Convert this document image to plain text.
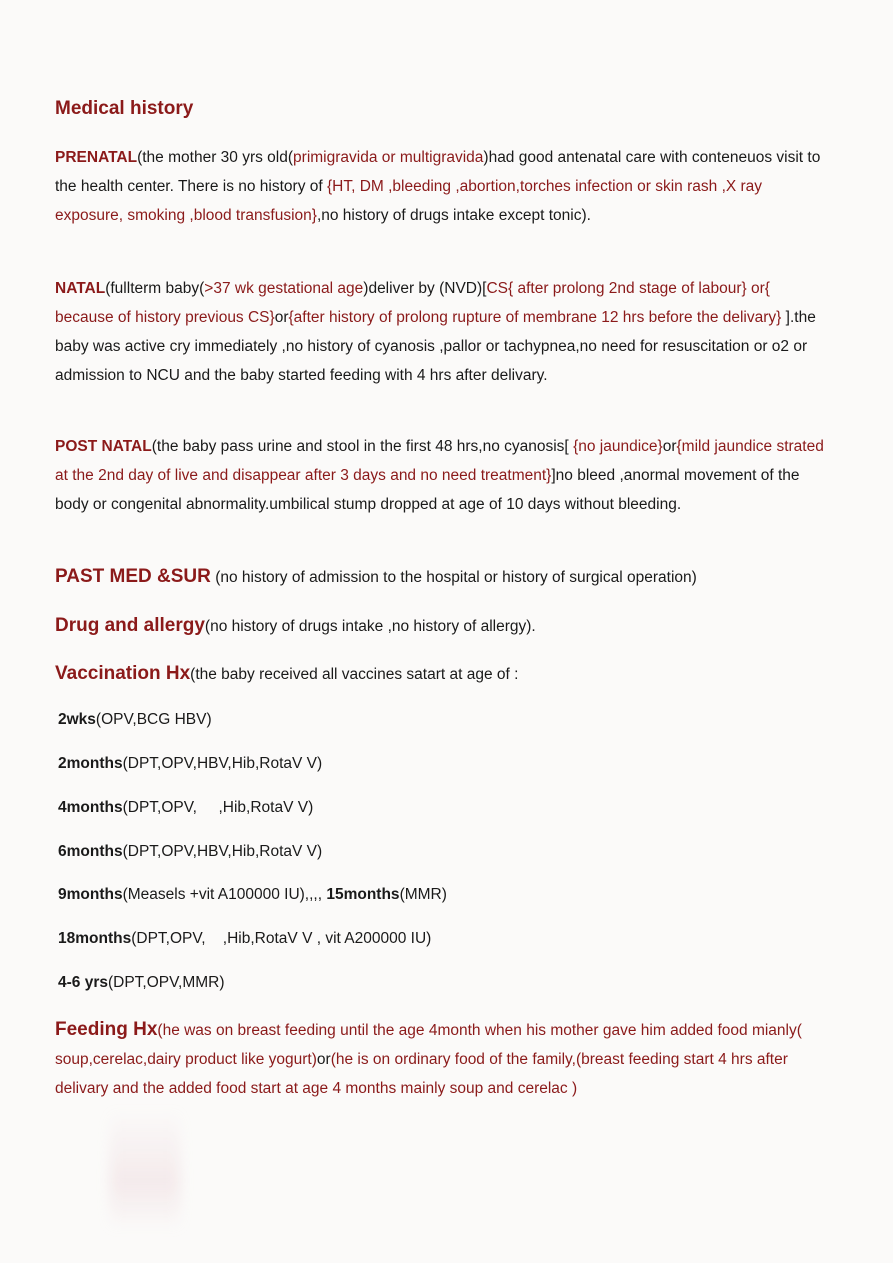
Medical history

PRENATAL(the mother 30 yrs old(primigravida or multigravida)had good antenatal care with conteneuos visit to the health center. There is no history of {HT, DM ,bleeding ,abortion,torches infection or skin rash ,X ray exposure, smoking ,blood transfusion},no history of drugs intake except tonic).

NATAL(fullterm baby(>37 wk gestational age)deliver by (NVD)[CS{ after prolong 2nd stage of labour} or{ because of history previous CS}or{after history of prolong rupture of membrane 12 hrs before the delivary} ].the baby was active cry immediately ,no history of cyanosis ,pallor or tachypnea,no need for resuscitation or o2 or admission to NCU and the baby started feeding with 4 hrs after delivary.

POST NATAL(the baby pass urine and stool in the first 48 hrs,no cyanosis[ {no jaundice}or{mild jaundice strated at the 2nd day of live and disappear after 3 days and no need treatment}]no bleed ,anormal movement of the body or congenital abnormality.umbilical stump dropped at age of 10 days without bleeding.

PAST MED &SUR (no history of admission to the hospital or history of surgical operation)

Drug and allergy(no history of drugs intake ,no history of allergy).

Vaccination Hx(the baby received all vaccines satart at age of :

2wks(OPV,BCG HBV)
2months(DPT,OPV,HBV,Hib,RotaV V)
4months(DPT,OPV,     ,Hib,RotaV V)
6months(DPT,OPV,HBV,Hib,RotaV V)
9months(Measels +vit A100000 IU),,,, 15months(MMR)
18months(DPT,OPV,    ,Hib,RotaV V , vit A200000 IU)
4-6 yrs(DPT,OPV,MMR)

Feeding Hx(he was on breast feeding until the age 4month when his mother gave him added food mianly( soup,cerelac,dairy product like yogurt)or(he is on ordinary food of the family,(breast feeding start 4 hrs after delivary and the added food start at age 4 months mainly soup and cerelac )
